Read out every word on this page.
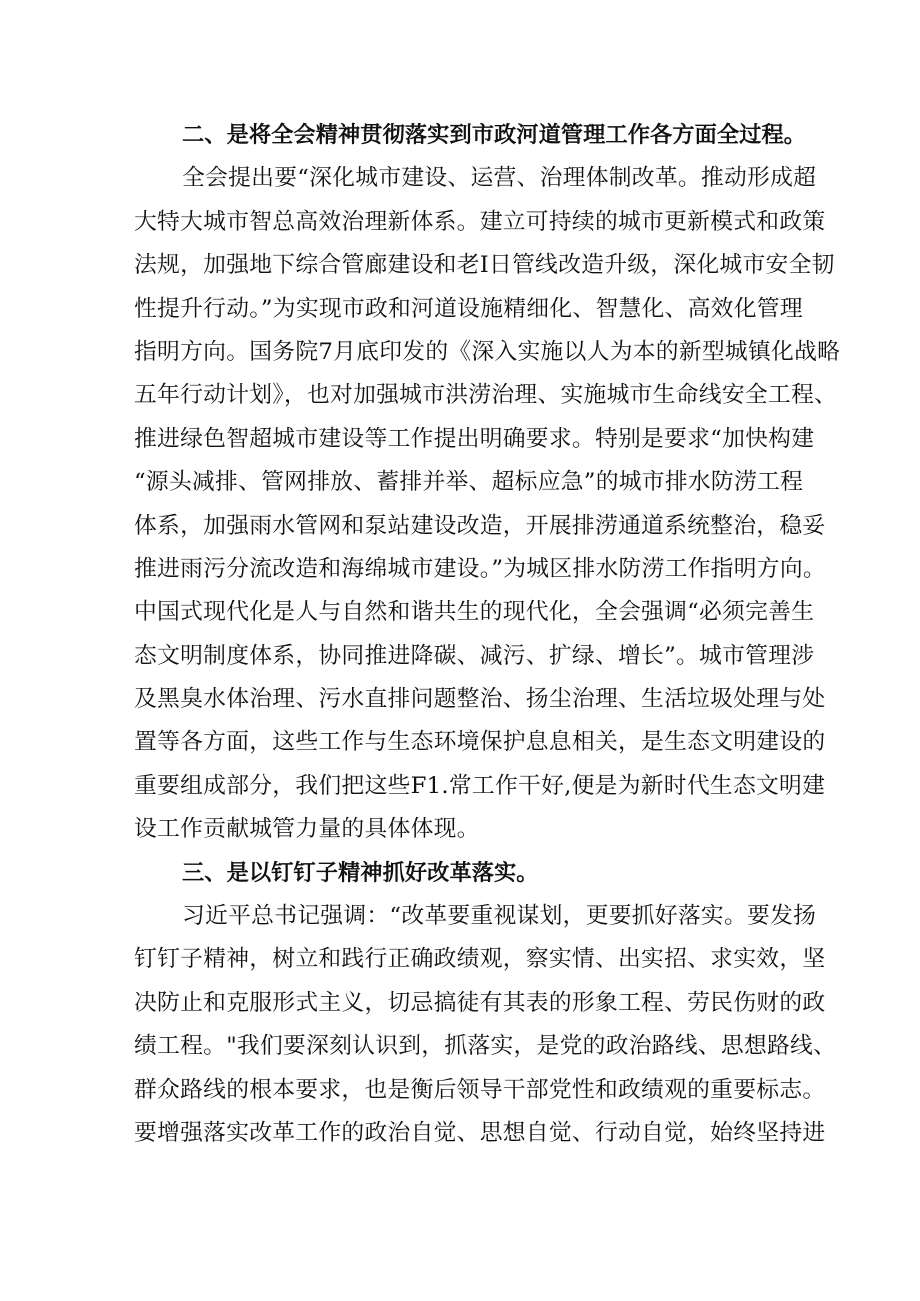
二、是将全会精神贯彻落实到市政河道管理工作各方面全过程。
全会提出要“深化城市建设、运营、治理体制改革。推动形成超
大特大城市智总高效治理新体系。建立可持续的城市更新模式和政策
法规，加强地下综合管廊建设和老I日管线改造升级，深化城市安全韧
性提升行动。”为实现市政和河道设施精细化、智慧化、高效化管理
指明方向。国务院7月底印发的《深入实施以人为本的新型城镇化战略
五年行动计划》，也对加强城市洪涝治理、实施城市生命线安全工程、
推进绿色智超城市建设等工作提出明确要求。特别是要求“加快构建
“源头减排、管网排放、蓄排并举、超标应急”的城市排水防涝工程
体系，加强雨水管网和泵站建设改造，开展排涝通道系统整治，稳妥
推进雨污分流改造和海绵城市建设。”为城区排水防涝工作指明方向。
中国式现代化是人与自然和谐共生的现代化，全会强调“必须完善生
态文明制度体系，协同推进降碳、减污、扩绿、增长”。城市管理涉
及黑臭水体治理、污水直排问题整治、扬尘治理、生活垃圾处理与处
置等各方面，这些工作与生态环境保护息息相关，是生态文明建设的
重要组成部分，我们把这些F1.常工作干好,便是为新时代生态文明建
设工作贡献城管力量的具体体现。
三、是以钉钉子精神抓好改革落实。
习近平总书记强调：“改革要重视谋划，更要抓好落实。要发扬
钉钉子精神，树立和践行正确政绩观，察实情、出实招、求实效，坚
决防止和克服形式主义，切忌搞徒有其表的形象工程、劳民伤财的政
绩工程。"我们要深刻认识到，抓落实，是党的政治路线、思想路线、
群众路线的根本要求，也是衡后领导干部党性和政绩观的重要标志。
要增强落实改革工作的政治自觉、思想自觉、行动自觉，始终坚持进
